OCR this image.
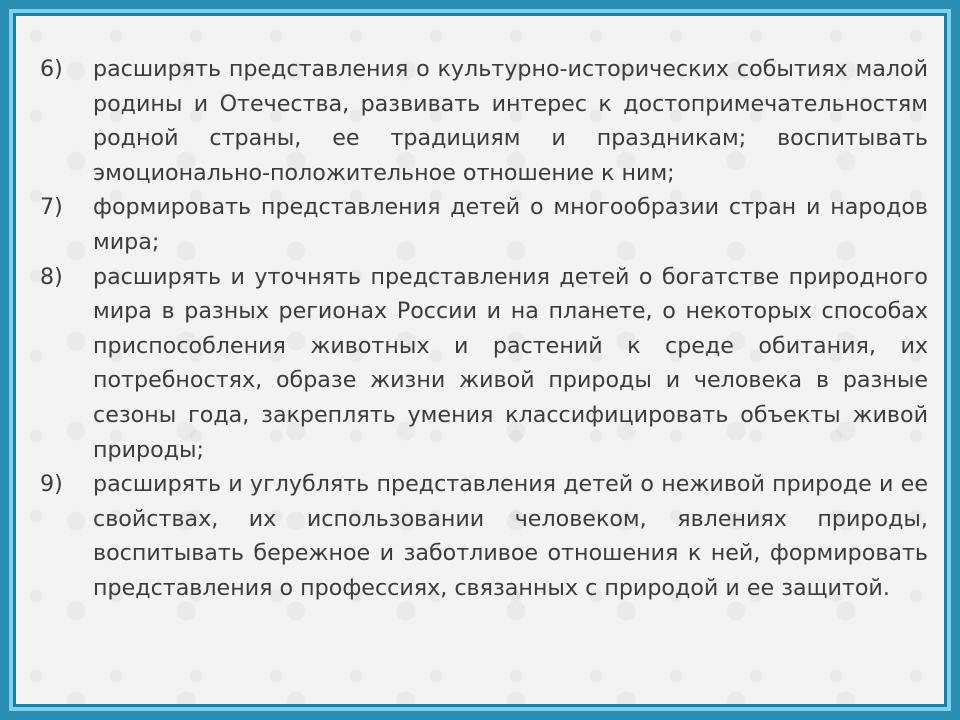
6)	расширять представления о культурно-исторических событиях малой родины и Отечества, развивать интерес к достопримечательностям родной страны, ее традициям и праздникам; воспитывать эмоционально-положительное отношение к ним;
7)	формировать представления детей о многообразии стран и народов мира;
8)	расширять и уточнять представления детей о богатстве природного мира в разных регионах России и на планете, о некоторых способах приспособления животных и растений к среде обитания, их потребностях, образе жизни живой природы и человека в разные сезоны года, закреплять умения классифицировать объекты живой природы;
9)	расширять и углублять представления детей о неживой природе и ее свойствах, их использовании человеком, явлениях природы, воспитывать бережное и заботливое отношения к ней, формировать представления о профессиях, связанных с природой и ее защитой.
